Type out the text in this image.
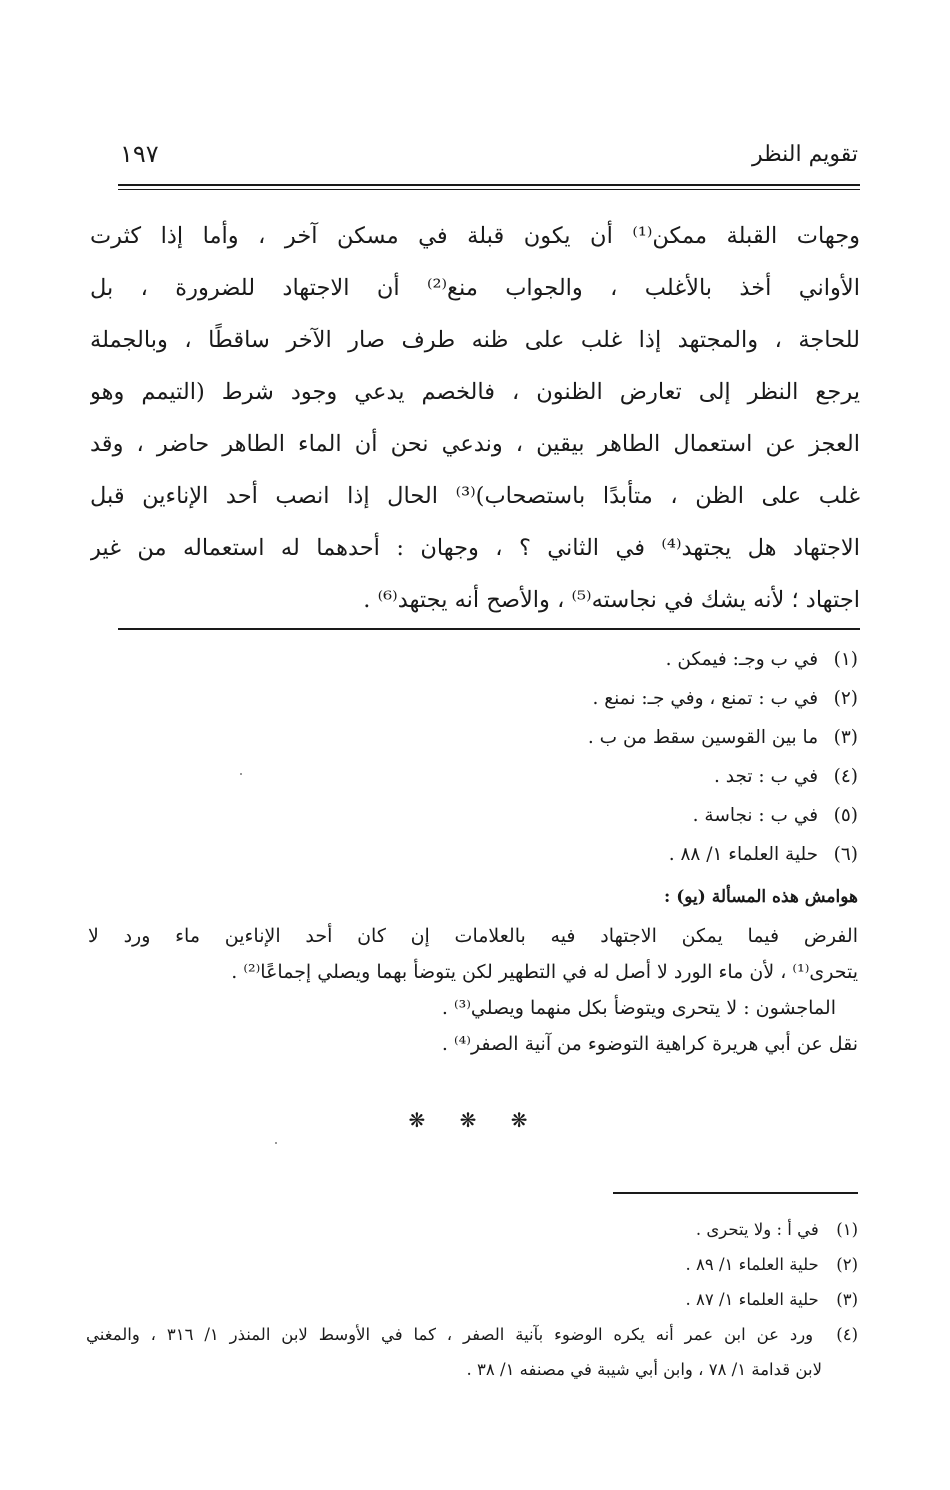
تقويم النظر
١٩٧
وجهات القبلة ممكن⁽¹⁾ أن يكون قبلة في مسكن آخر ، وأما إذا كثرت
الأواني أخذ بالأغلب ، والجواب منع⁽²⁾ أن الاجتهاد للضرورة ، بل
للحاجة ، والمجتهد إذا غلب على ظنه طرف صار الآخر ساقطًا ، وبالجملة
يرجع النظر إلى تعارض الظنون ، فالخصم يدعي وجود شرط (التيمم وهو
العجز عن استعمال الطاهر بيقين ، وندعي نحن أن الماء الطاهر حاضر ، وقد
غلب على الظن ، متأبدًا باستصحاب)⁽³⁾ الحال إذا انصب أحد الإناءين قبل
الاجتهاد هل يجتهد⁽⁴⁾ في الثاني ؟ ، وجهان : أحدهما له استعماله من غير
اجتهاد ؛ لأنه يشك في نجاسته⁽⁵⁾ ، والأصح أنه يجتهد⁽⁶⁾ .
(١) في ب وجـ: فيمكن .
(٢) في ب : تمنع ، وفي جـ: نمنع .
(٣) ما بين القوسين سقط من ب .
(٤) في ب : تجد .
(٥) في ب : نجاسة .
(٦) حلية العلماء ١/ ٨٨ .
هوامش هذه المسألة (يو) :
الفرض فيما يمكن الاجتهاد فيه بالعلامات إن كان أحد الإناءين ماء ورد لا
يتحرى⁽¹⁾ ، لأن ماء الورد لا أصل له في التطهير لكن يتوضأ بهما ويصلي إجماعًا⁽²⁾ .
الماجشون : لا يتحرى ويتوضأ بكل منهما ويصلي⁽³⁾ .
نقل عن أبي هريرة كراهية التوضوء من آنية الصفر⁽⁴⁾ .
❋ ❋ ❋
(١) في أ : ولا يتحرى .
(٢) حلية العلماء ١/ ٨٩ .
(٣) حلية العلماء ١/ ٨٧ .
(٤) ورد عن ابن عمر أنه يكره الوضوء بآنية الصفر ، كما في الأوسط لابن المنذر ١/ ٣١٦ ، والمغني
لابن قدامة ١/ ٧٨ ، وابن أبي شيبة في مصنفه ١/ ٣٨ .
